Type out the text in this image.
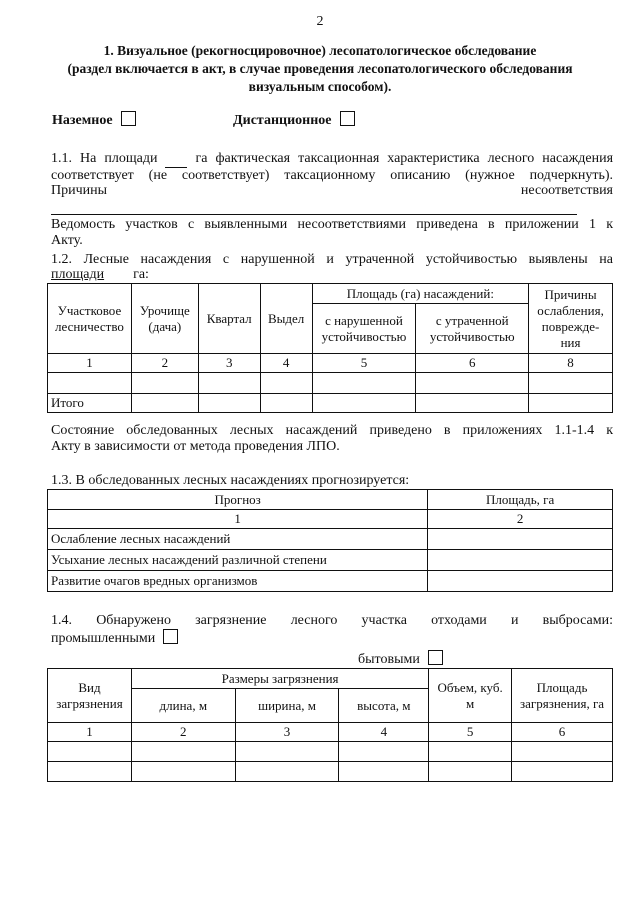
2
1. Визуальное (рекогносцировочное) лесопатологическое обследование
(раздел включается в акт, в случае проведения лесопатологического обследования
визуальным способом).
Наземное	Дистанционное
1.1. На площади	га фактическая таксационная характеристика лесного насаждения
соответствует (не соответствует) таксационному описанию (нужное подчеркнуть).
Причины	несоответствия
Ведомость участков с выявленными несоответствиями приведена в приложении 1 к
Акту.
1.2. Лесные насаждения с нарушенной и утраченной устойчивостью выявлены на
площади га:
Участковое лесничество	Урочище (дача)	Квартал	Выдел	Площадь (га) насаждений:		Причины ослабления, поврежде-ния
				с нарушенной устойчивостью	с утраченной устойчивостью	
1	2	3	4	5	6	8

Итого						
Состояние обследованных лесных насаждений приведено в приложениях 1.1-1.4 к
Акту в зависимости от метода проведения ЛПО.
1.3. В обследованных лесных насаждениях прогнозируется:
Прогноз	Площадь, га
1	2
Ослабление лесных насаждений	
Усыхание лесных насаждений различной степени	
Развитие очагов вредных организмов	
1.4. Обнаружено загрязнение лесного участка отходами и выбросами:
промышленными
бытовыми
Вид загрязнения	Размеры загрязнения			Объем, куб. м	Площадь загрязнения, га
	длина, м	ширина, м	высота, м		
1	2	3	4	5	6
